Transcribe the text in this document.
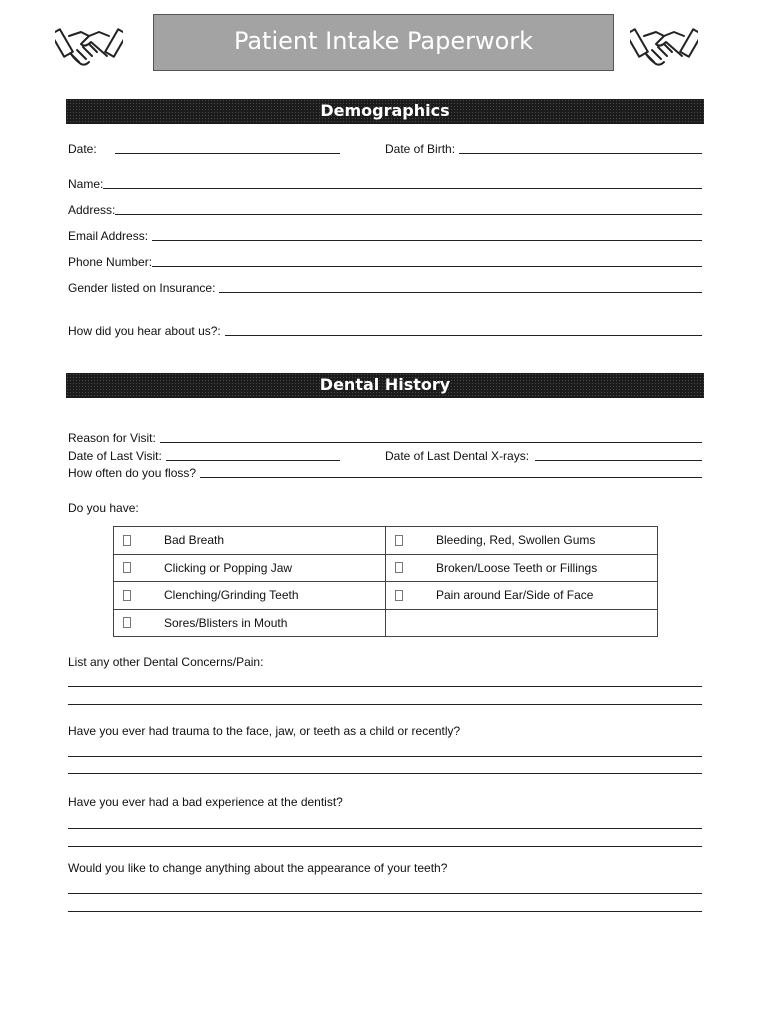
Patient Intake Paperwork
Demographics
Date:	Date of Birth:
Name:
Address:
Email Address:
Phone Number:
Gender listed on Insurance:
How did you hear about us?:
Dental History
Reason for Visit:
Date of Last Visit:	Date of Last Dental X-rays:
How often do you floss?
Do you have:
Bad Breath	Bleeding, Red, Swollen Gums

Clicking or Popping Jaw	Broken/Loose Teeth or Fillings

Clenching/Grinding Teeth	Pain around Ear/Side of Face

Sores/Blisters in Mouth	

List any other Dental Concerns/Pain:
Have you ever had trauma to the face, jaw, or teeth as a child or recently?
Have you ever had a bad experience at the dentist?
Would you like to change anything about the appearance of your teeth?
